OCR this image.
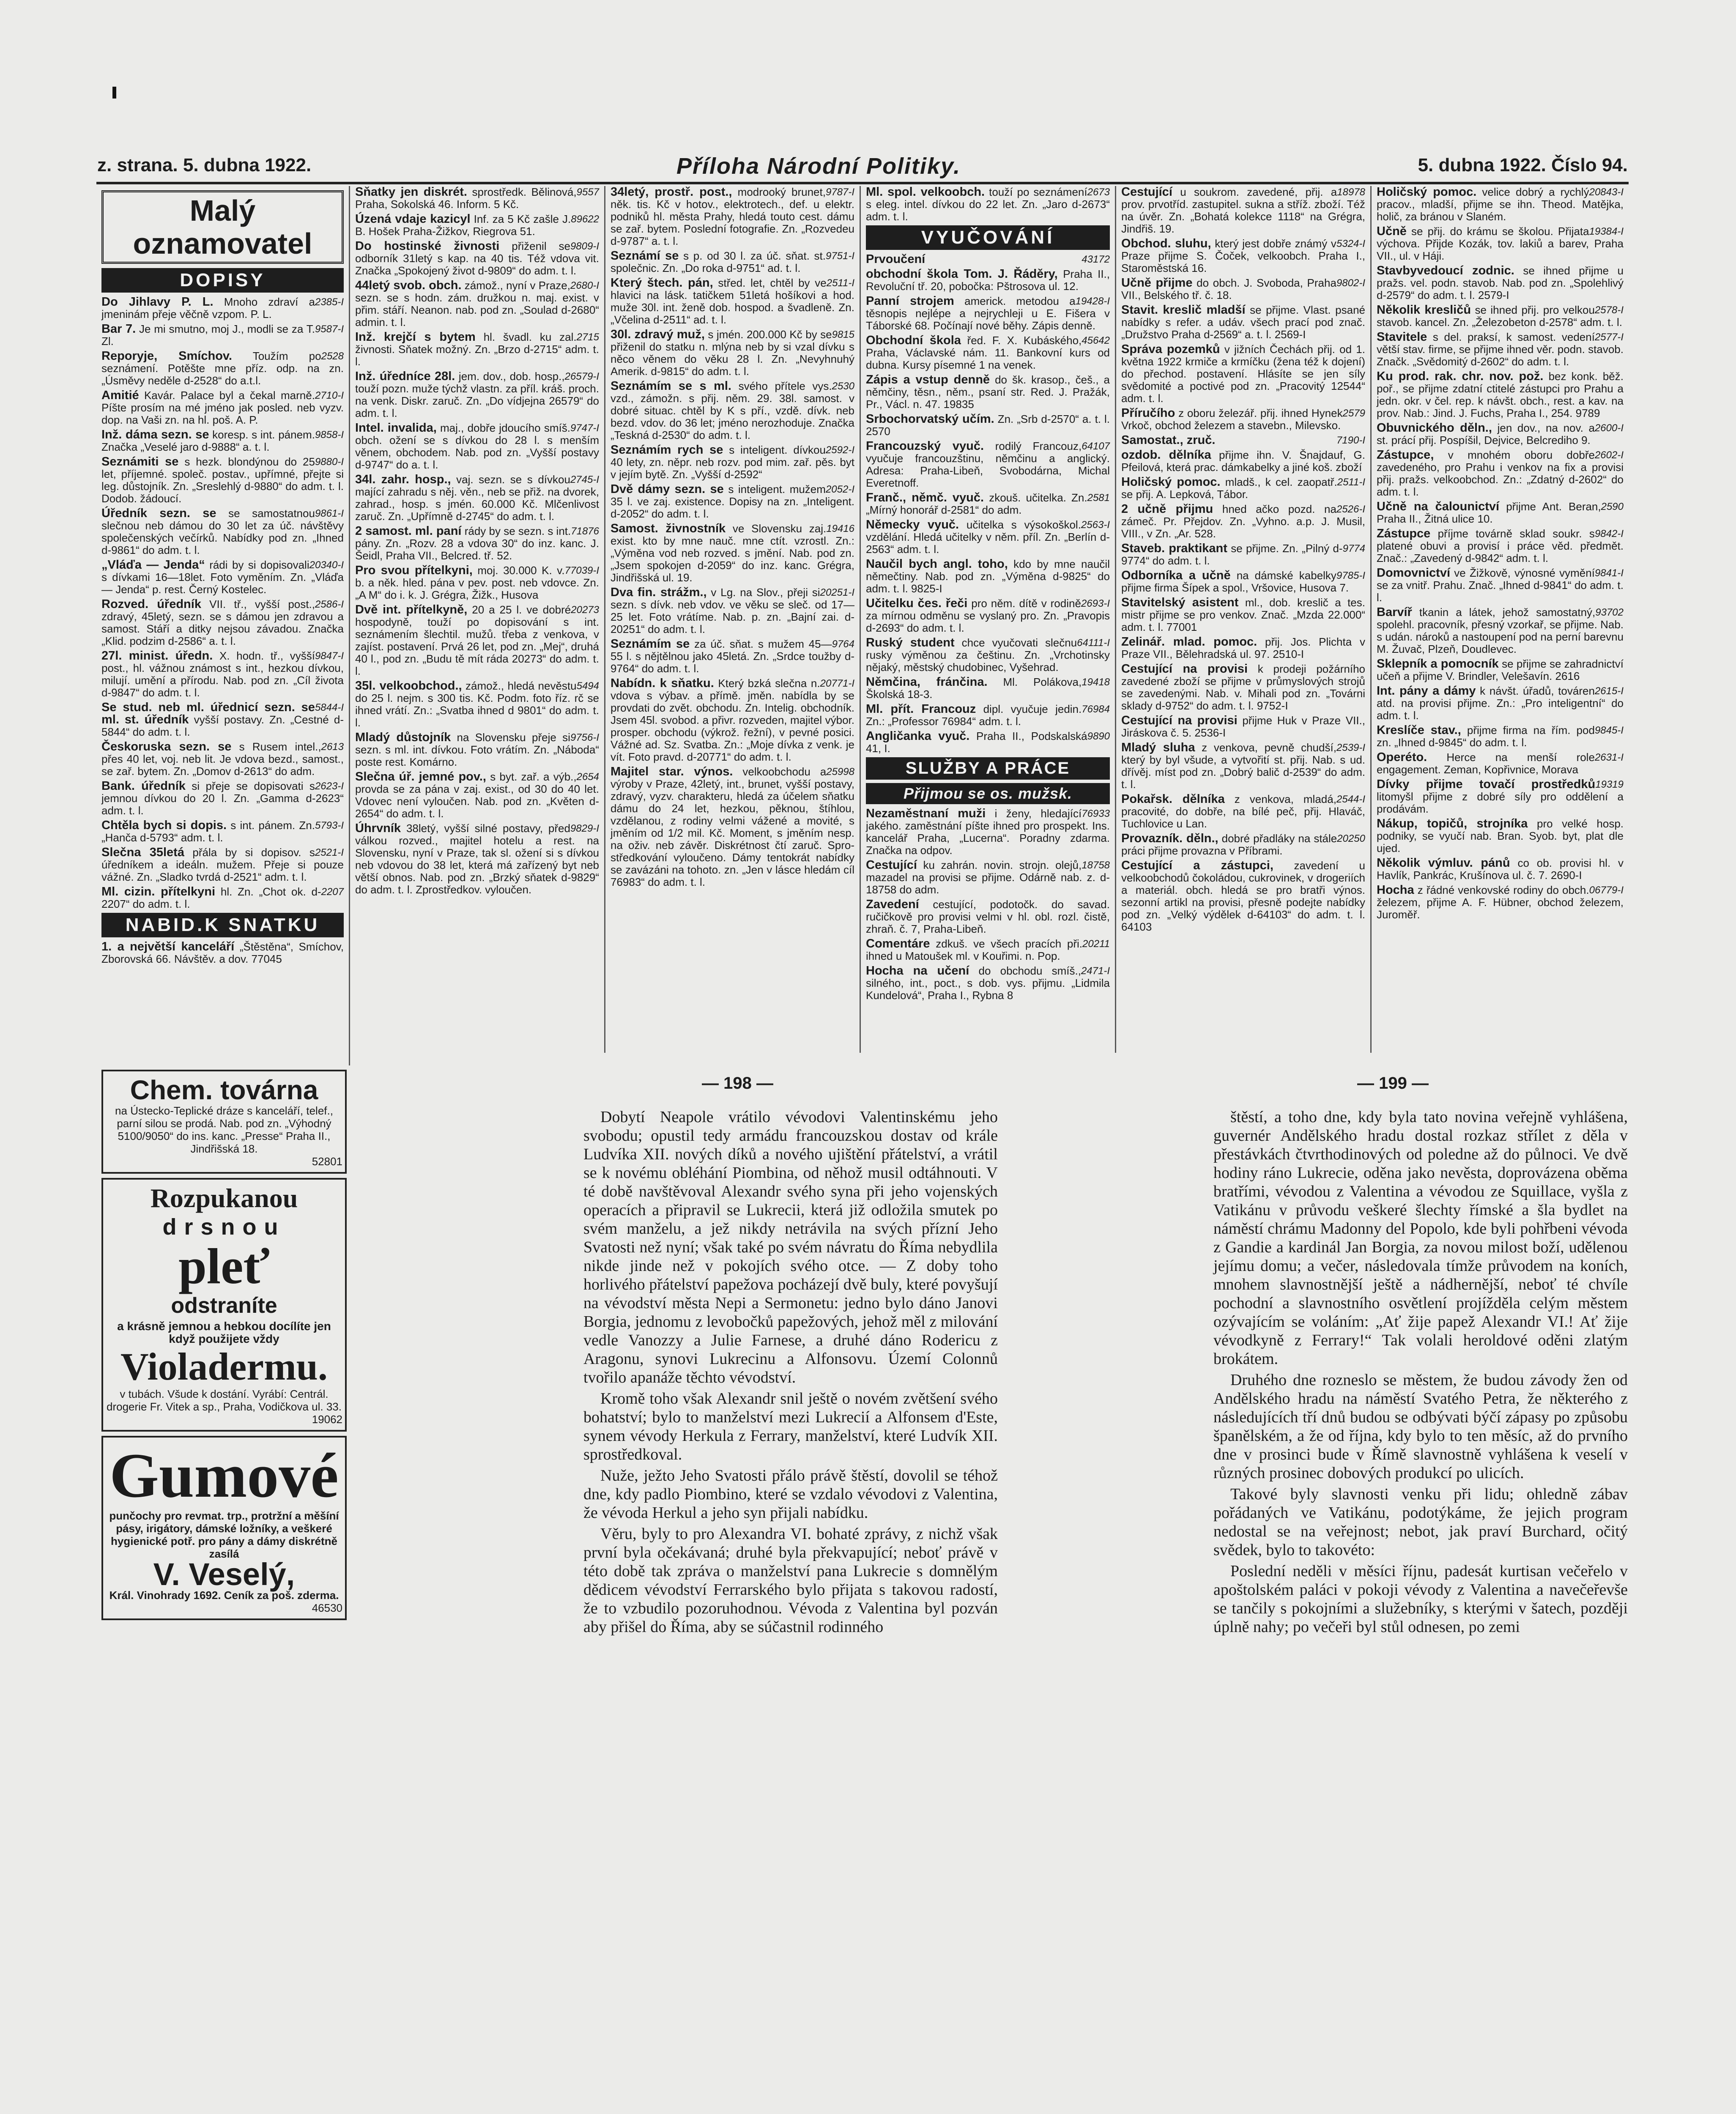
z. strana. 5. dubna 1922.	Příloha Národní Politiky.	5. dubna 1922. Číslo 94.
Malý oznamovatel
DOPISY
2385-I
Do Jihlavy P. L. Mnoho zdraví a jmeninám přeje věčně vzpom. P. L.
9587-I
Bar 7. Je mi smutno, moj J., modli se za T. Zl.
2528
Reporyje, Smíchov. Toužím po seznámení. Potěšte mne příz. odp. na zn. „Úsměvy neděle d-2528“ do a.t.l.
2710-I
Amitié Kavár. Palace byl a čekal marně. Píšte prosím na mé jméno jak posled. neb vyzv. dop. na Vaši zn. na hl. poš. A. P.
9858-I
Inž. dáma sezn. se koresp. s int. pánem. Značka „Veselé jaro d-9888“ a. t. l.
9880-I
Seznámiti se s hezk. blondýnou do 25 let, příjemné. společ. postav., upřímné, přejte si leg. důstojník. Zn. „Sreslehlý d-9880“ do adm. t. l. Dodob. žádoucí.
9861-I
Úředník sezn. se se samostatnou slečnou neb dámou do 30 let za úč. návštěvy společenských večírků. Nabídky pod zn. „Ihned d-9861“ do adm. t. l.
20340-I
„Vláďa — Jenda“ rádi by si dopisovali s dívkami 16—18let. Foto vyměním. Zn. „Vláďa — Jenda“ p. rest. Černý Kostelec.
2586-I
Rozved. úředník VII. tř., vyšší post., zdravý, 45letý, sezn. se s dámou jen zdravou a samost. Stáří a ditky nejsou závadou. Značka „Klid. podzim d-2586“ a. t. l.
9847-I
27l. minist. úředn. X. hodn. tř., vyšší post., hl. vážnou známost s int., hezkou dívkou, milují. umění a přírodu. Nab. pod zn. „Cíl života d-9847“ do adm. t. l.
5844-I
Se stud. neb ml. úřednicí sezn. se ml. st. úředník vyšší postavy. Zn. „Cestné d-5844“ do adm. t. l.
2613
Českoruska sezn. se s Rusem intel., přes 40 let, voj. neb lit. Je vdova bezd., samost., se zař. bytem. Zn. „Domov d-2613“ do adm.
2623-I
Bank. úředník si přeje se dopisovati s jemnou dívkou do 20 l. Zn. „Gamma d-2623“ adm. t. l.
5793-I
Chtěla bych si dopis. s int. pánem. Zn. „Hanča d-5793“ adm. t. l.
2521-I
Slečna 35letá přála by si dopisov. s úředníkem a ideáln. mužem. Přeje si pouze vážné. Zn. „Sladko tvrdá d-2521“ adm. t. l.
2207
Ml. cizin. přítelkyni hl. Zn. „Chot ok. d-2207“ do adm. t. l.
NABID.K SNATKU
1. a největší kanceláří „Štěstěna“, Smíchov, Zborovská 66. Návštěv. a dov. 77045
Chem. továrna
na Ústecko-Teplické dráze s kanceláří, telef., parní silou se prodá. Nab. pod zn. „Výhodný 5100/9050“ do ins. kanc. „Presse“ Praha II., Jindřišská 18.
52801
Rozpukanou
drsnou
pleť
odstraníte
a krásně jemnou a hebkou docílíte jen když použijete vždy
Violadermu.
v tubách. Všude k dostání. Vyrábí: Centrál. drogerie Fr. Vitek a sp., Praha, Vodičkova ul. 33.
19062
Gumové
punčochy pro revmat. trp., protržní a měšíní pásy, irigátory, dámské ložníky, a veškeré hygienické potř. pro pány a dámy diskrétně zasílá
V. Veselý,
Král. Vinohrady 1692. Ceník za poš. zderma.
46530
9557
Sňatky jen diskrét. sprostředk. Bělinová, Praha, Sokolská 46. Inform. 5 Kč.
89622
Úzená vdaje kazicyl Inf. za 5 Kč zašle J. B. Hošek Praha-Žižkov, Riegrova 51.
9809-I
Do hostinské živnosti přiženil se odborník 31letý s kap. na 40 tis. Též vdova vit. Značka „Spokojený život d-9809“ do adm. t. l.
2680-I
44letý svob. obch. zámož., nyní v Praze, sezn. se s hodn. zám. družkou n. maj. exist. v přim. stáří. Neanon. nab. pod zn. „Soulad d-2680“ admin. t. l.
2715
Inž. krejčí s bytem hl. švadl. ku zal. živnosti. Sňatek možný. Zn. „Brzo d-2715“ adm. t. l.
26579-I
Inž. úředníce 28l. jem. dov., dob. hosp., touží pozn. muže týchž vlastn. za příl. kráš. proch. na venk. Diskr. zaruč. Zn. „Do vídjejna 26579“ do adm. t. l.
9747-I
Intel. invalida, maj., dobře jdoucího smíš. obch. ožení se s dívkou do 28 l. s menším věnem, obchodem. Nab. pod zn. „Vyšší postavy d-9747“ do a. t. l.
2745-I
34l. zahr. hosp., vaj. sezn. se s dívkou mající zahradu s něj. věn., neb se přiž. na dvorek, zahrad., hosp. s jmén. 60.000 Kč. Mlčenlivost zaruč. Zn. „Upřímně d-2745“ do adm. t. l.
71876
2 samost. ml. paní rády by se sezn. s int. pány. Zn. „Rozv. 28 a vdova 30“ do inz. kanc. J. Šeidl, Praha VII., Belcred. tř. 52.
77039-I
Pro svou přítelkyni, moj. 30.000 K. v. b. a něk. hled. pána v pev. post. neb vdovce. Zn. „A M“ do i. k. J. Grégra, Žižk., Husova
20273
Dvě int. přítelkyně, 20 a 25 l. ve dobré hospodyně, touží po dopisování s int. seznámením šlechtil. mužů. třeba z venkova, v zajíst. postavení. Prvá 26 let, pod zn. „Mej“, druhá 40 l., pod zn. „Budu tě mít ráda 20273“ do adm. t. l.
5494
35l. velkoobchod., zámož., hledá nevěstu do 25 l. nejm. s 300 tis. Kč. Podm. foto říz. rč se ihned vrátí. Zn.: „Svatba ihned d 9801“ do adm. t. l.
9756-I
Mladý důstojník na Slovensku přeje si sezn. s ml. int. dívkou. Foto vrátím. Zn. „Náboda“ poste rest. Komárno.
2654
Slečna úř. jemné pov., s byt. zař. a výb., provda se za pána v zaj. exist., od 30 do 40 let. Vdovec není vyloučen. Nab. pod zn. „Květen d-2654“ do adm. t. l.
9829-I
Úhrvník 38letý, vyšší silné postavy, před válkou rozved., majitel hotelu a rest. na Slovensku, nyní v Praze, tak sl. ožení si s dívkou neb vdovou do 38 let, která má zařízený byt neb větší obnos. Nab. pod zn. „Brzký sňatek d-9829“ do adm. t. l. Zprostředkov. vyloučen.
9787-I
34letý, prostř. post., modrooký brunet, něk. tis. Kč v hotov., elektrotech., def. u elektr. podniků hl. města Prahy, hledá touto cest. dámu se zař. bytem. Poslední fotografie. Zn. „Rozvedeu d-9787“ a. t. l.
9751-I
Seznámí se s p. od 30 l. za úč. sňat. st. společnic. Zn. „Do roka d-9751“ ad. t. l.
2511-I
Který štech. pán, střed. let, chtěl by ve hlavici na lásk. tatičkem 51letá hošíkovi a hod. muže 30l. int. ženě dob. hospod. a švadleně. Zn. „Včelina d-2511“ ad. t. l.
9815
30l. zdravý muž, s jmén. 200.000 Kč by se přiženil do statku n. mlýna neb by si vzal dívku s něco věnem do věku 28 l. Zn. „Nevyhnuhý Amerik. d-9815“ do adm. t. l.
2530
Seznámím se s ml. svého přítele vys. vzd., zámožn. s přij. něm. 29. 38l. samost. v dobré situac. chtěl by K s pří., vzdě. dívk. neb bezd. vdov. do 36 let; jméno nerozhoduje. Značka „Teskná d-2530“ do adm. t. l.
2592-I
Seznámím rych se s inteligent. dívkou 40 lety, zn. něpr. neb rozv. pod mim. zař. pěs. byt v jejím bytě. Zn. „Vyšší d-2592“
2052-I
Dvě dámy sezn. se s inteligent. mužem 35 l. ve zaj. existence. Dopisy na zn. „Inteligent. d-2052“ do adm. t. l.
19416
Samost. živnostník ve Slovensku zaj. exist. kto by mne nauč. mne ctít. vzrostl. Zn.: „Výměna vod neb rozved. s jmění. Nab. pod zn. „Jsem spokojen d-2059“ do inz. kanc. Grégra, Jindřišská ul. 19.
20251-I
Dva fin. strážm., v Lg. na Slov., přeji si sezn. s dívk. neb vdov. ve věku se sleč. od 17—25 let. Foto vrátíme. Nab. p. zn. „Bajní zai. d-20251“ do adm. t. l.
9764
Seznámím se za úč. sňat. s mužem 45—55 l. s nějtělnou jako 45letá. Zn. „Srdce toužby d-9764“ do adm. t. l.
20771-I
Nabídn. k sňatku. Který bzká slečna n. vdova s výbav. a přímě. jměn. nabídla by se provdati do zvět. obchodu. Zn. Intelig. obchodník. Jsem 45l. svobod. a přivr. rozveden, majitel výbor. prosper. obchodu (výkrož. řežní), v pevné posici. Vážné ad. Sz. Svatba. Zn.: „Moje dívka z venk. je vít. Foto pravd. d-20771“ do adm. t. l.
25998
Majitel star. výnos. velkoobchodu a výroby v Praze, 42letý, int., brunet, vyšší postavy, zdravý, vyzv. charakteru, hledá za účelem sňatku dámu do 24 let, hezkou, pěknou, štíhlou, vzdělanou, z rodiny velmi vážené a movité, s jměním od 1/2 mil. Kč. Moment, s jměním nesp. na oživ. neb závěr. Diskrétnost čtí zaruč. Spro-středkování vyloučeno. Dámy tentokrát nabídky se zavázáni na tohoto. zn. „Jen v lásce hledám cíl 76983“ do adm. t. l.
2673
Ml. spol. velkoobch. touží po seznámení s eleg. intel. dívkou do 22 let. Zn. „Jaro d-2673“ adm. t. l.
VYUČOVÁNÍ
43172
Prvoučení
obchodní škola Tom. J. Řáděry, Praha II., Revoluční tř. 20, pobočka: Pštrosova ul. 12.
19428-I
Panní strojem americk. metodou a těsnopis nejlépe a nejrychleji u E. Fišera v Táborské 68. Počínají nové běhy. Zápis denně.
45642
Obchodní škola řed. F. X. Kubáského, Praha, Václavské nám. 11. Bankovní kurs od dubna. Kursy písemné 1 na venek.
Zápis a vstup denně do šk. krasop., češ., a němčiny, těsn., něm., psaní str. Red. J. Pražák, Pr., Václ. n. 47. 19835
Srbochorvatský učím. Zn. „Srb d-2570“ a. t. l. 2570
64107
Francouzský vyuč. rodilý Francouz, vyučuje francouzštinu, němčinu a anglický. Adresa: Praha-Libeň, Svobodárna, Michal Everetnoff.
2581
Franč., němč. vyuč. zkouš. učitelka. Zn. „Mírný honorář d-2581“ do adm.
2563-I
Německy vyuč. učitelka s výsokoškol. vzdělání. Hledá učitelky v něm. příl. Zn. „Berlín d-2563“ adm. t. l.
Naučil bych angl. toho, kdo by mne naučil němečtiny. Nab. pod zn. „Výměna d-9825“ do adm. t. l. 9825-I
2693-I
Učitelku čes. řeči pro něm. dítě v rodině za mírnou odměnu se vyslaný pro. Zn. „Pravopis d-2693“ do adm. t. l.
64111-I
Ruský student chce vyučovati slečnu rusky výměnou za češtinu. Zn. „Vrchotinsky nějaký, městský chudobinec, Vyšehrad.
19418
Němčina, fránčina. Ml. Polákova, Školská 18-3.
76984
Ml. přít. Francouz dipl. vyučuje jedin. Zn.: „Professor 76984“ adm. t. l.
9890
Angličanka vyuč. Praha II., Podskalská 41, I.
SLUŽBY A PRÁCE
Přijmou se os. mužsk.
76933
Nezaměstnaní muži i ženy, hledající jakého. zaměstnání píšte ihned pro prospekt. Ins. kancelář Praha, „Lucerna“. Poradny zdarma. Značka na odpov.
18758
Cestující ku zahrán. novin. strojn. olejů, mazadel na provisi se přijme. Odárně nab. z. d-18758 do adm.
Zavedení cestující, podotočk. do savad. ručičkově pro provisi velmi v hl. obl. rozl. čistě, zhraň. č. 7, Praha-Libeň.
20211
Comentáre zdkuš. ve všech pracích při. ihned u Matoušek ml. v Kouřimi. n. Pop.
2471-I
Hocha na učení do obchodu smíš., silného, int., poct., s dob. vys. přijmu. „Lidmila Kundelová“, Praha I., Rybna 8
18978
Cestující u soukrom. zavedené, přij. a prov. prvotříd. zastupitel. sukna a stříž. zboží. Též na úvěr. Zn. „Bohatá kolekce 1118“ na Grégra, Jindřiš. 19.
5324-I
Obchod. sluhu, který jest dobře známý v Praze přijme S. Čoček, velkoobch. Praha I., Staroměstská 16.
9802-I
Učně přijme do obch. J. Svoboda, Praha VII., Belského tř. č. 18.
Stavit. kreslič mladší se přijme. Vlast. psané nabídky s refer. a udáv. všech prací pod znač. „Družstvo Praha d-2569“ a. t. l. 2569-I
Správa pozemků v jižních Čechách přij. od 1. května 1922 krmiče a krmíčku (žena též k dojení) do přechod. postavení. Hlásíte se jen síly svědomité a poctivé pod zn. „Pracovitý 12544“ adm. t. l.
2579
Příručího z oboru železář. přij. ihned Hynek Vrkoč, obchod železem a stavebn., Milevsko.
7190-I
Samostat., zruč.
ozdob. dělníka přijme ihn. V. Šnajdauf, G. Pfeilová, která prac. dámkabelky a jiné koš. zboží
2511-I
Holičský pomoc. mladš., k cel. zaopatř. se přij. A. Lepková, Tábor.
2526-I
2 učně přijmu hned ačko pozd. na zámeč. Pr. Přejdov. Zn. „Vyhno. a.p. J. Musil, VIII., v Zn. „Ar. 528.
9774
Staveb. praktikant se přijme. Zn. „Pilný d-9774“ do adm. t. l.
9785-I
Odborníka a učně na dámské kabelky přijme firma Šípek a spol., Vršovice, Husova 7.
Stavitelský asistent ml., dob. kreslič a tes. mistr přijme se pro venkov. Znač. „Mzda 22.000“ adm. t. l. 77001
Zelinář. mlad. pomoc. přij. Jos. Plichta v Praze VII., Bělehradská ul. 97. 2510-I
Cestující na provisi k prodeji požárního zavedené zboží se přijme v průmyslových strojů se zavedenými. Nab. v. Mihali pod zn. „Továrni sklady d-9752“ do adm. t. l. 9752-I
Cestující na provisi přijme Huk v Praze VII., Jiráskova č. 5. 2536-I
2539-I
Mladý sluha z venkova, pevně chudší, který by byl všude, a vytvořití st. přij. Nab. s ud. dřívěj. míst pod zn. „Dobrý balič d-2539“ do adm. t. l.
2544-I
Pokařsk. dělníka z venkova, mladá, pracovité, do dobře, na bílé peč, přij. Hlaváč, Tuchlovice u Lan.
20250
Provazník. děln., dobré přadláky na stále práci přijme provazna v Příbrami.
Cestující a zástupci, zavedení u velkoobchodů čokoládou, cukrovinek, v drogeriích a materiál. obch. hledá se pro bratři výnos. sezonní artikl na provisi, přesně podejte nabídky pod zn. „Velký výdělek d-64103“ do adm. t. l. 64103
20843-I
Holičský pomoc. velice dobrý a rychlý pracov., mladší, přijme se ihn. Theod. Matějka, holič, za bránou v Slaném.
19384-I
Učně se přij. do krámu se školou. Přijata výchova. Přijde Kozák, tov. lakiů a barev, Praha VII., ul. v Háji.
Stavbyvedoucí zodnic. se ihned přijme u pražs. vel. podn. stavob. Nab. pod zn. „Spolehlivý d-2579“ do adm. t. l. 2579-I
2578-I
Několik kresličů se ihned přij. pro velkou stavob. kancel. Zn. „Železobeton d-2578“ adm. t. l.
2577-I
Stavitele s del. praksí, k samost. vedení větší stav. firme, se přijme ihned věr. podn. stavob. Značk. „Svědomitý d-2602“ do adm. t. l.
Ku prod. rak. chr. nov. pož. bez konk. běž. poř., se přijme zdatní ctitelé zástupci pro Prahu a jedn. okr. v čel. rep. k návšt. obch., rest. a kav. na prov. Nab.: Jind. J. Fuchs, Praha I., 254. 9789
2600-I
Obuvnického děln., jen dov., na nov. a st. prácí přij. Pospíšil, Dejvice, Belcrediho 9.
2602-I
Zástupce, v mnohém oboru dobře zavedeného, pro Prahu i venkov na fix a provisi přij. pražs. velkoobchod. Zn.: „Zdatný d-2602“ do adm. t. l.
2590
Učně na čalounictví přijme Ant. Beran, Praha II., Žitná ulice 10.
9842-I
Zástupce příjme továrně sklad soukr. s platené obuvi a provisí i práce věd. předmět. Znač.: „Zavedený d-9842“ adm. t. l.
9841-I
Domovnictví ve Žižkově, výnosné vymění se za vnitř. Prahu. Znač. „Ihned d-9841“ do adm. t. l.
93702
Barvíř tkanin a látek, jehož samostatný, spolehl. pracovník, přesný vzorkař, se přijme. Nab. s udán. nároků a nastoupení pod na perní barevnu M. Žuvač, Plzeň, Doudlevec.
Sklepník a pomocník se přijme se zahradnictví učeň a přijme V. Brindler, Velešavín. 2616
2615-I
Int. pány a dámy k návšt. úřadů, továren atd. na provisi přijme. Zn.: „Pro inteligentní“ do adm. t. l.
9845-I
Kreslíče stav., přijme firma na řím. pod zn. „Ihned d-9845“ do adm. t. l.
2631-I
Operéto. Herce na menší role engagement. Zeman, Kopřivnice, Morava
19319
Dívky přijme tovačí prostředků litomyšl přijme z dobré síly pro oddělení a prodávám.
Nákup, topičů, strojníka pro velké hosp. podniky, se vyučí nab. Bran. Syob. byt, plat dle ujed.
Několik výmluv. pánů co ob. provisi hl. v Havlík, Pankrác, Krušínova ul. č. 7. 2690-I
06779-I
Hocha z řádné venkovské rodiny do obch. železem, přijme A. F. Hübner, obchod železem, Juroměř.
— 198 —	— 199 —

Dobytí Neapole vrátilo vévodovi Valentinskému jeho svobodu; opustil tedy armádu francouzskou dostav od krále Ludvíka XII. nových díků a nového ujištění přátelství, a vrátil se k novému obléhání Piombina, od něhož musil odtáhnouti. V té době navštěvoval Alexandr svého syna při jeho vojenských operacích a připravil se Lukrecii, která již odložila smutek po svém manželu, a jež nikdy netrávila na svých přízní Jeho Svatosti než nyní; však také po svém návratu do Říma nebydlila nikde jinde než v pokojích svého otce. — Z doby toho horlivého přátelství papežova pocházejí dvě buly, které povyšují na vévodství města Nepi a Sermonetu: jedno bylo dáno Janovi Borgia, jednomu z levobočků papežových, jehož měl z milování vedle Vanozzy a Julie Farnese, a druhé dáno Rodericu z Aragonu, synovi Lukrecinu a Alfonsovu. Území Colonnů tvořilo apanáže těchto vévodství.

Kromě toho však Alexandr snil ještě o novém zvětšení svého bohatství; bylo to manželství mezi Lukrecií a Alfonsem d'Este, synem vévody Herkula z Ferrary, manželství, které Ludvík XII. sprostředkoval.

Nuže, ježto Jeho Svatosti přálo právě štěstí, dovolil se téhož dne, kdy padlo Piombino, které se vzdalo vévodovi z Valentina, že vévoda Herkul a jeho syn přijali nabídku.

Věru, byly to pro Alexandra VI. bohaté zprávy, z nichž však první byla očekávaná; druhé byla překvapující; neboť právě v této době tak zpráva o manželství pana Lukrecie s domnělým dědicem vévodství Ferrarského bylo přijata s takovou radostí, že to vzbudilo pozoruhodnou. Vévoda z Valentina byl pozván aby přišel do Říma, aby se súčastnil rodinného

štěstí, a toho dne, kdy byla tato novina veřejně vyhlášena, guvernér Andělského hradu dostal rozkaz střílet z děla v přestávkách čtvrthodinových od poledne až do půlnoci. Ve dvě hodiny ráno Lukrecie, oděna jako nevěsta, doprovázena oběma bratřími, vévodou z Valentina a vévodou ze Squillace, vyšla z Vatikánu v průvodu veškeré šlechty římské a šla bydlet na náměstí chrámu Madonny del Popolo, kde byli pohřbeni vévoda z Gandie a kardinál Jan Borgia, za novou milost boží, udělenou jejímu domu; a večer, následovala tímže průvodem na koních, mnohem slavnostnější ještě a nádhernější, neboť té chvíle pochodní a slavnostního osvětlení projížděla celým městem ozývajícím se voláním: „Ať žije papež Alexandr VI.! Ať žije vévodkyně z Ferrary!“ Tak volali heroldové oděni zlatým brokátem.

Druhého dne rozneslo se městem, že budou závody žen od Andělského hradu na náměstí Svatého Petra, že některého z následujících tří dnů budou se odbývati býčí zápasy po způsobu španělském, a že od října, kdy bylo to ten měsíc, až do prvního dne v prosinci bude v Římě slavnostně vyhlášena k veselí v různých prosinec dobových produkcí po ulicích.

Takové byly slavnosti venku při lidu; ohledně zábav pořádaných ve Vatikánu, podotýkáme, že jejich program nedostal se na veřejnost; nebot, jak praví Burchard, očitý svědek, bylo to takovéto:

Poslední neděli v měsíci říjnu, padesát kurtisan večeřelo v apoštolském paláci v pokoji vévody z Valentina a navečeřevše se tančily s pokojními a služebníky, s kterými v šatech, později úplně nahy; po večeři byl stůl odnesen, po zemi
